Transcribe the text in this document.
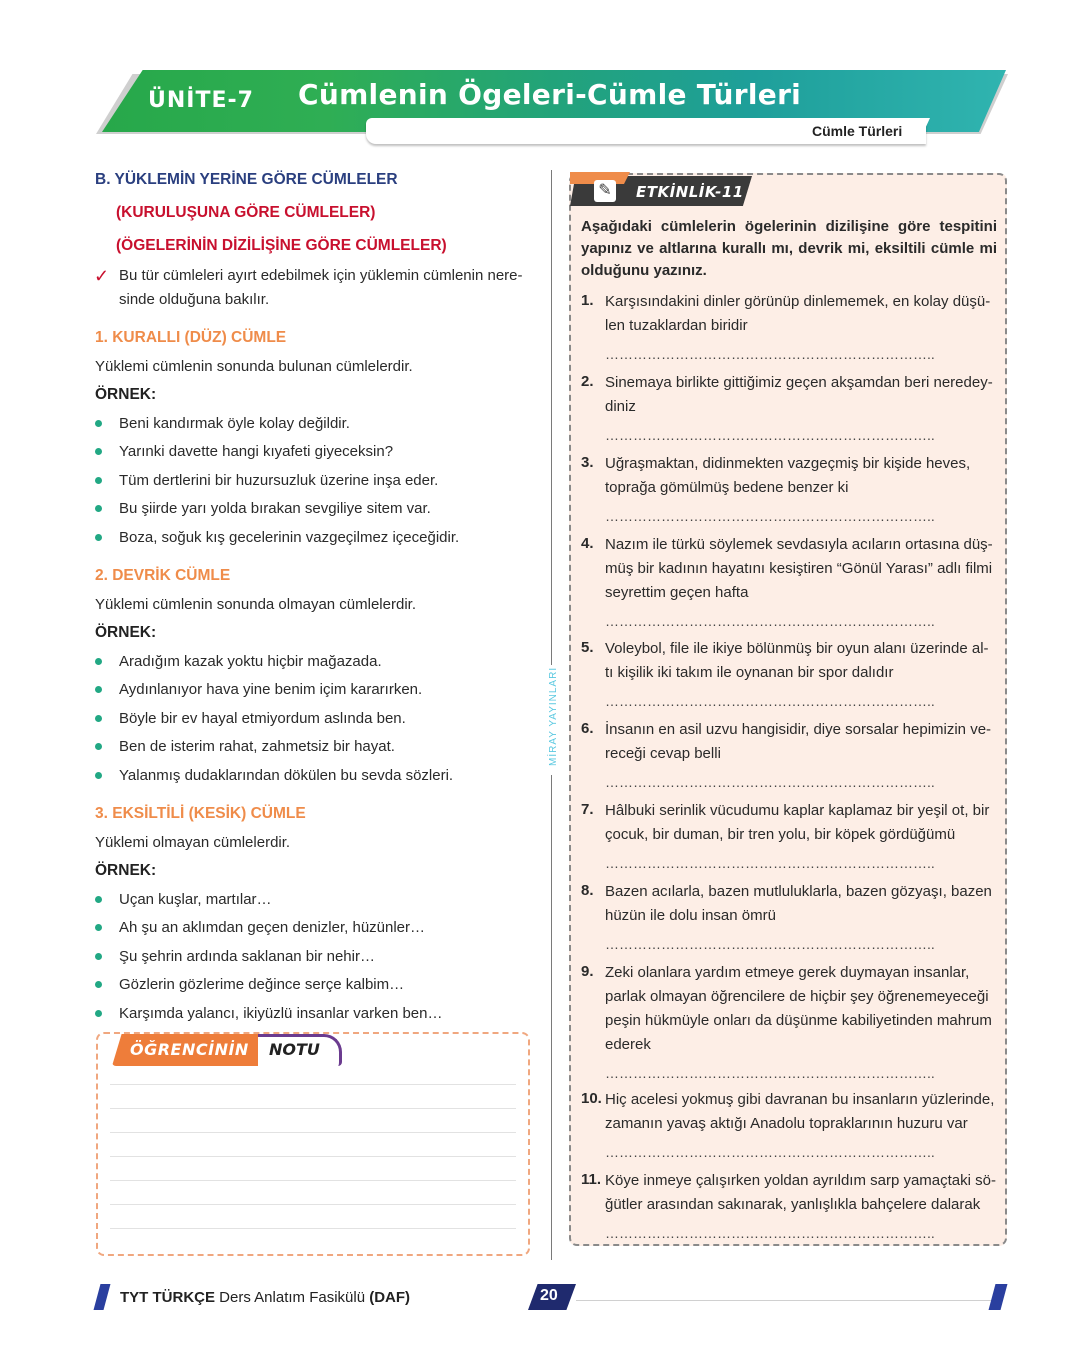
ÜNİTE-7 Cümlenin Ögeleri-Cümle Türleri
Cümle Türleri
B. YÜKLEMİN YERİNE GÖRE CÜMLELER
(KURULUŞUNA GÖRE CÜMLELER)
(ÖGELERİNİN DİZİLİŞİNE GÖRE CÜMLELER)
✓ Bu tür cümleleri ayırt edebilmek için yüklemin cümlenin nere-
sinde olduğuna bakılır.
1. KURALLI (DÜZ) CÜMLE
Yüklemi cümlenin sonunda bulunan cümlelerdir.
ÖRNEK:
Beni kandırmak öyle kolay değildir.
Yarınki davette hangi kıyafeti giyeceksin?
Tüm dertlerini bir huzursuzluk üzerine inşa eder.
Bu şiirde yarı yolda bırakan sevgiliye sitem var.
Boza, soğuk kış gecelerinin vazgeçilmez içeceğidir.
2. DEVRİK CÜMLE
Yüklemi cümlenin sonunda olmayan cümlelerdir.
ÖRNEK:
Aradığım kazak yoktu hiçbir mağazada.
Aydınlanıyor hava yine benim içim kararırken.
Böyle bir ev hayal etmiyordum aslında ben.
Ben de isterim rahat, zahmetsiz bir hayat.
Yalanmış dudaklarından dökülen bu sevda sözleri.
3. EKSİLTİLİ (KESİK) CÜMLE
Yüklemi olmayan cümlelerdir.
ÖRNEK:
Uçan kuşlar, martılar…
Ah şu an aklımdan geçen denizler, hüzünler…
Şu şehrin ardında saklanan bir nehir…
Gözlerin gözlerime değince serçe kalbim…
Karşımda yalancı, ikiyüzlü insanlar varken ben…
ÖĞRENCİNİN NOTU
MİRAY YAYINLARI
✎ ETKİNLİK-11
Aşağıdaki cümlelerin ögelerinin dizilişine göre tespitini yapınız ve altlarına kurallı mı, devrik mi, eksiltili cümle mi olduğunu yazınız.
1. Karşısındakini dinler görünüp dinlememek, en kolay düşü-
len tuzaklardan biridir
……………………………………………………………..
2. Sinemaya birlikte gittiğimiz geçen akşamdan beri neredey-
diniz
……………………………………………………………..
3. Uğraşmaktan, didinmekten vazgeçmiş bir kişide heves,
toprağa gömülmüş bedene benzer ki
……………………………………………………………..
4. Nazım ile türkü söylemek sevdasıyla acıların ortasına düş-
müş bir kadının hayatını kesiştiren “Gönül Yarası” adlı filmi
seyrettim geçen hafta
……………………………………………………………..
5. Voleybol, file ile ikiye bölünmüş bir oyun alanı üzerinde al-
tı kişilik iki takım ile oynanan bir spor dalıdır
……………………………………………………………..
6. İnsanın en asil uzvu hangisidir, diye sorsalar hepimizin ve-
receği cevap belli
……………………………………………………………..
7. Hâlbuki serinlik vücudumu kaplar kaplamaz bir yeşil ot, bir
çocuk, bir duman, bir tren yolu, bir köpek gördüğümü
……………………………………………………………..
8. Bazen acılarla, bazen mutluluklarla, bazen gözyaşı, bazen
hüzün ile dolu insan ömrü
……………………………………………………………..
9. Zeki olanlara yardım etmeye gerek duymayan insanlar,
parlak olmayan öğrencilere de hiçbir şey öğrenemeyeceği
peşin hükmüyle onları da düşünme kabiliyetinden mahrum
ederek
……………………………………………………………..
10. Hiç acelesi yokmuş gibi davranan bu insanların yüzlerinde,
zamanın yavaş aktığı Anadolu topraklarının huzuru var
……………………………………………………………..
11. Köye inmeye çalışırken yoldan ayrıldım sarp yamaçtaki sö-
ğütler arasından sakınarak, yanlışlıkla bahçelere dalarak
……………………………………………………………..
TYT TÜRKÇE Ders Anlatım Fasikülü (DAF)	20
